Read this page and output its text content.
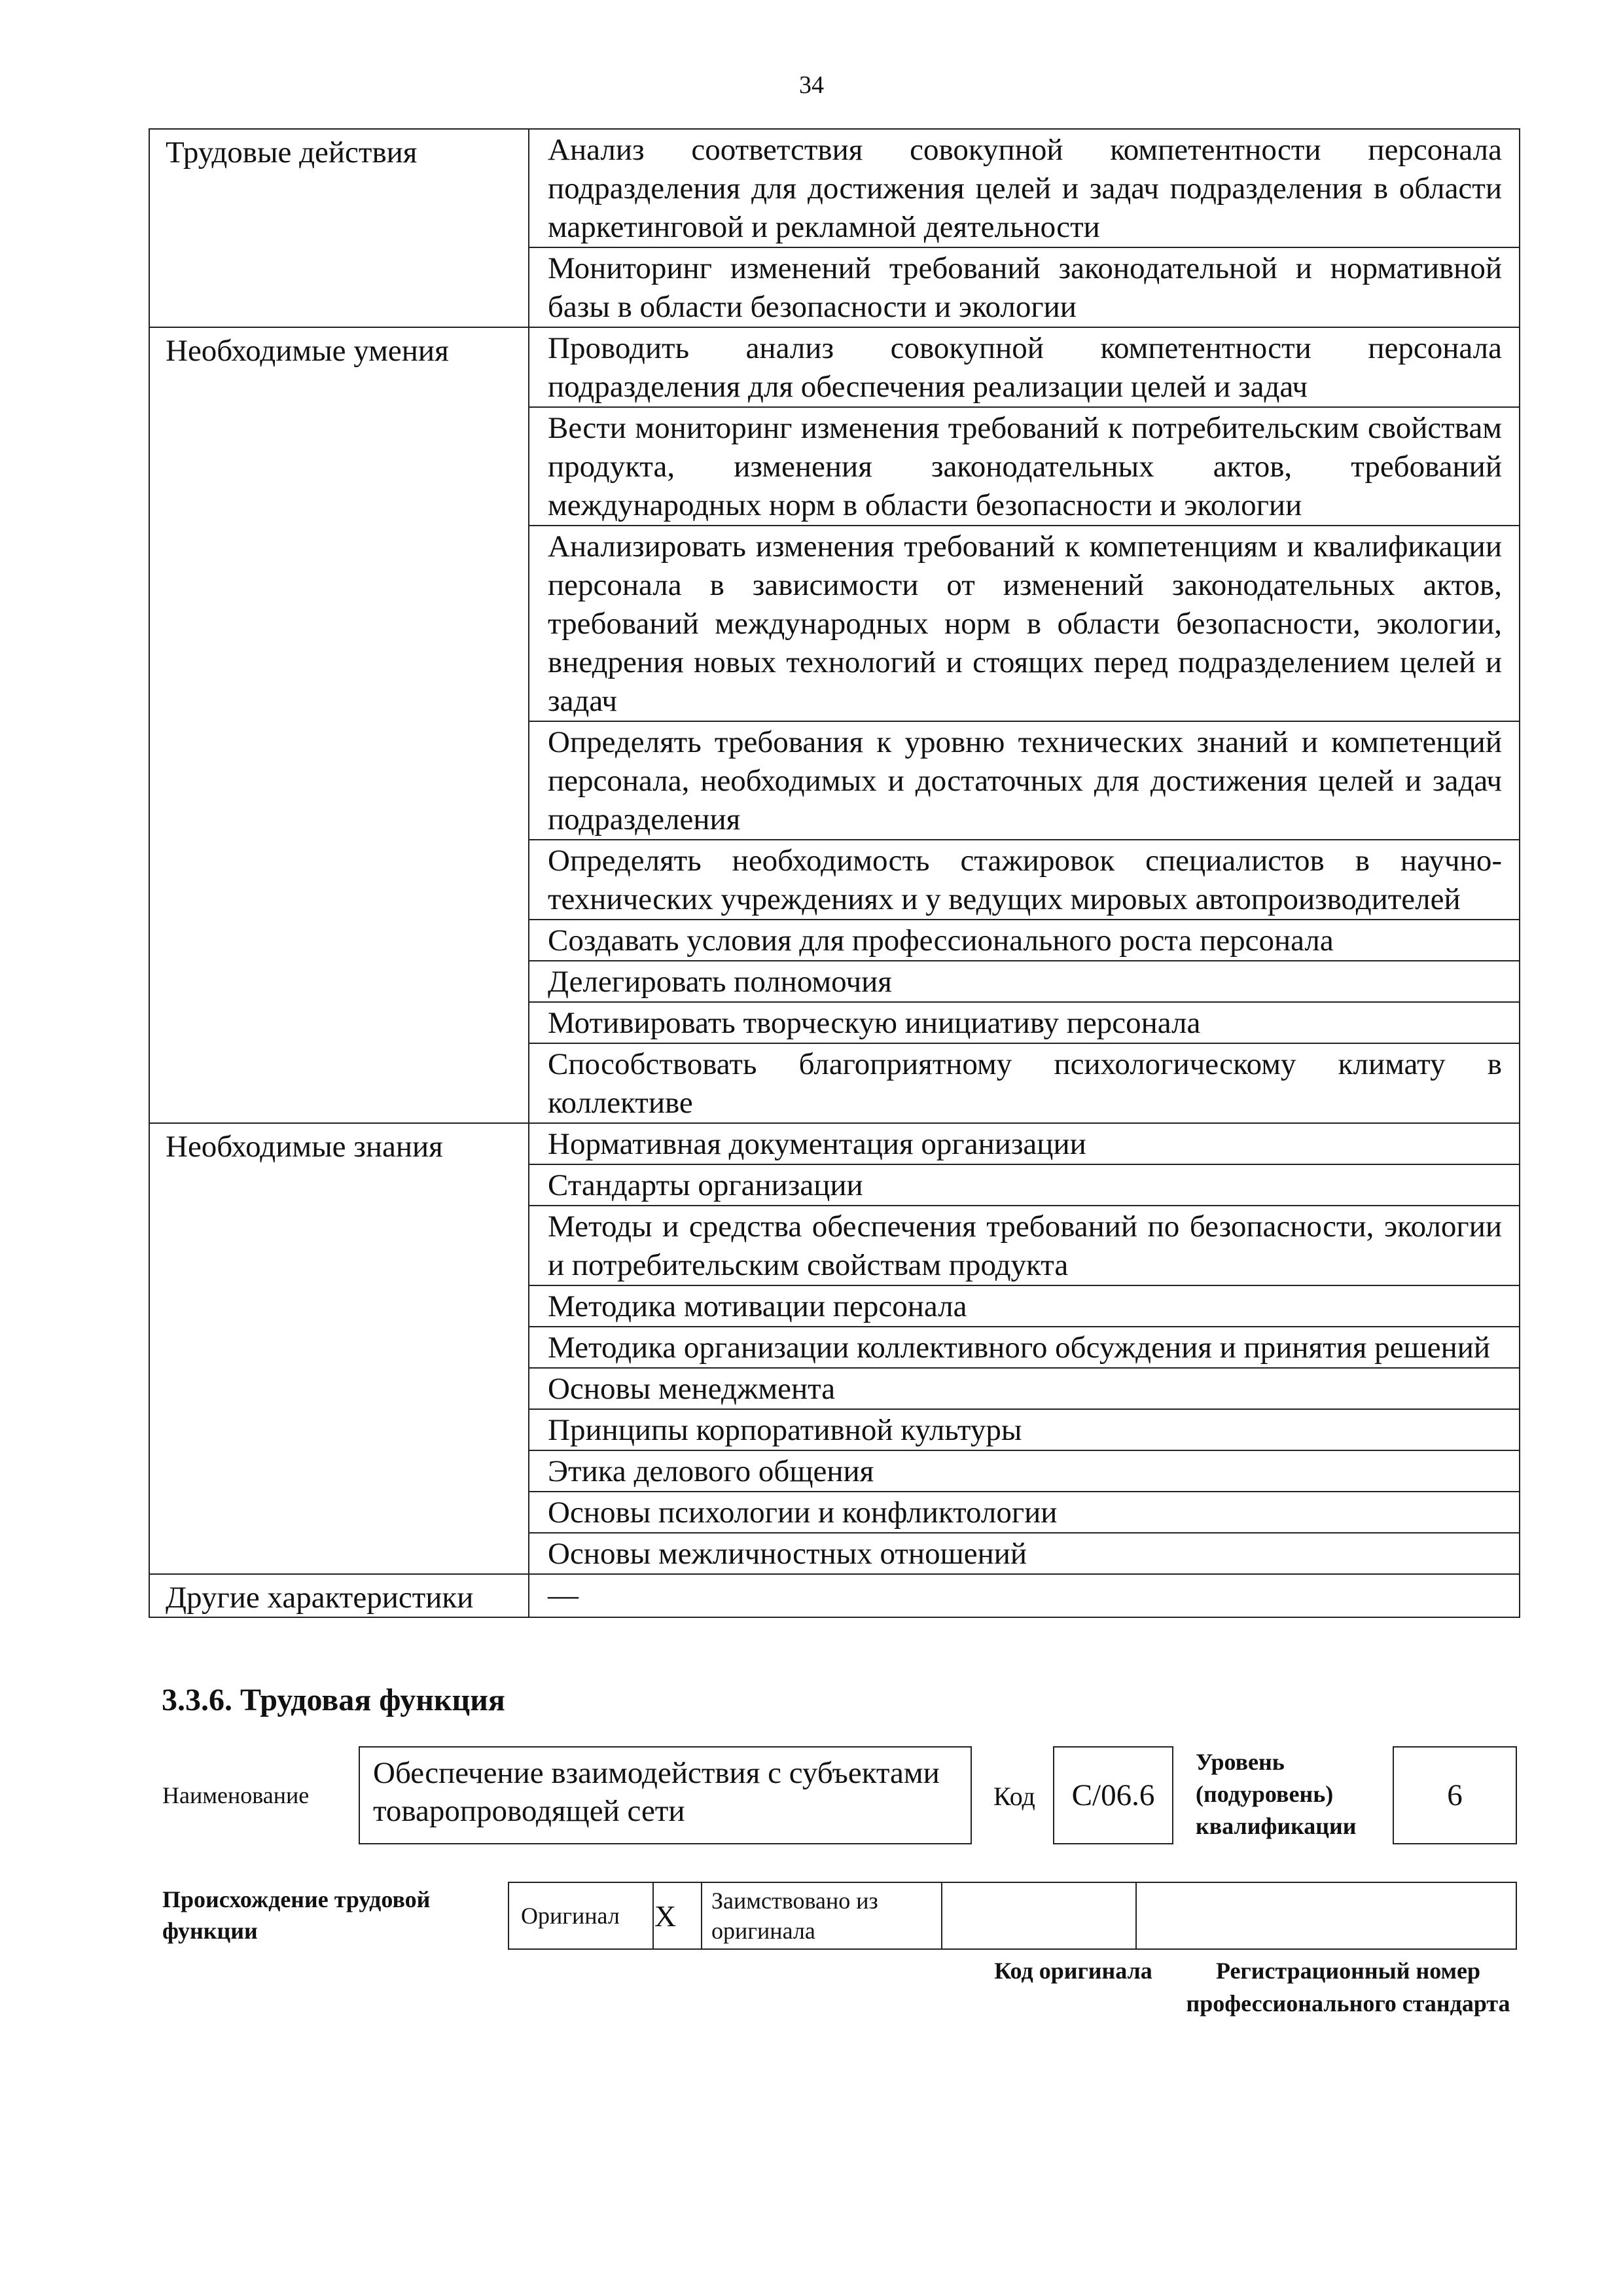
34
Трудовые действия	Анализ соответствия совокупной компетентности персонала подразделения для достижения целей и задач подразделения в области маркетинговой и рекламной деятельности
	Мониторинг изменений требований законодательной и нормативной базы в области безопасности и экологии
Необходимые умения	Проводить анализ совокупной компетентности персонала подразделения для обеспечения реализации целей и задач
	Вести мониторинг изменения требований к потребительским свойствам продукта, изменения законодательных актов, требований международных норм в области безопасности и экологии
	Анализировать изменения требований к компетенциям и квалификации персонала в зависимости от изменений законодательных актов, требований международных норм в области безопасности, экологии, внедрения новых технологий и стоящих перед подразделением целей и задач
	Определять требования к уровню технических знаний и компетенций персонала, необходимых и достаточных для достижения целей и задач подразделения
	Определять необходимость стажировок специалистов в научно-технических учреждениях и у ведущих мировых автопроизводителей
	Создавать условия для профессионального роста персонала
	Делегировать полномочия
	Мотивировать творческую инициативу персонала
	Способствовать благоприятному психологическому климату в коллективе
Необходимые знания	Нормативная документация организации
	Стандарты организации
	Методы и средства обеспечения требований по безопасности, экологии и потребительским свойствам продукта
	Методика мотивации персонала
	Методика организации коллективного обсуждения и принятия решений
	Основы менеджмента
	Принципы корпоративной культуры
	Этика делового общения
	Основы психологии и конфликтологии
	Основы межличностных отношений
Другие характеристики	—
3.3.6. Трудовая функция
Наименование
Обеспечение взаимодействия с субъектами товаропроводящей сети	Код С/06.6
Уровень (подуровень) квалификации
6
Происхождение трудовой функции
Оригинал	Х	Заимствовано из оригинала		
Код оригинала	Регистрационный номер профессионального стандарта
